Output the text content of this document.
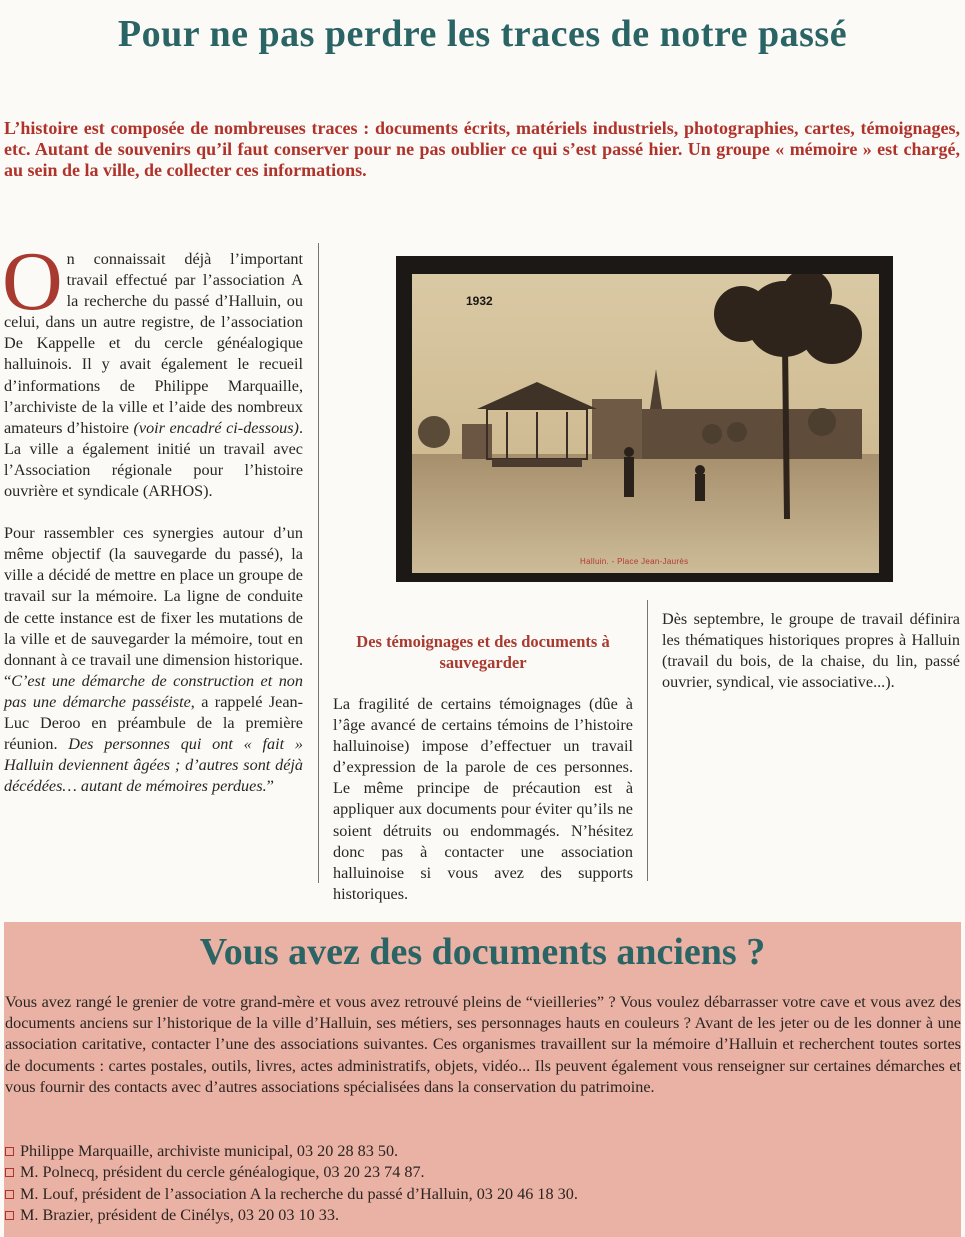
Pour ne pas perdre les traces de notre passé

L’histoire est composée de nombreuses traces : documents écrits, matériels industriels, photographies, cartes, témoignages, etc. Autant de souvenirs qu’il faut conserver pour ne pas oublier ce qui s’est passé hier. Un groupe « mémoire » est chargé, au sein de la ville, de collecter ces informations.

On connaissait déjà l’important travail effectué par l’association A la recherche du passé d’Halluin, ou celui, dans un autre registre, de l’association De Kappelle et du cercle généalogique halluinois. Il y avait également le recueil d’informations de Philippe Marquaille, l’archiviste de la ville et l’aide des nombreux amateurs d’histoire (voir encadré ci-dessous). La ville a également initié un travail avec l’Association régionale pour l’histoire ouvrière et syndicale (ARHOS).

Pour rassembler ces synergies autour d’un même objectif (la sauvegarde du passé), la ville a décidé de mettre en place un groupe de travail sur la mémoire. La ligne de conduite de cette instance est de fixer les mutations de la ville et de sauvegarder la mémoire, tout en donnant à ce travail une dimension historique. “C’est une démarche de construction et non pas une démarche passéiste, a rappelé Jean-Luc Deroo en préambule de la première réunion. Des personnes qui ont « fait » Halluin deviennent âgées ; d’autres sont déjà décédées… autant de mémoires perdues.”

Des témoignages et des documents à sauvegarder

La fragilité de certains témoignages (dûe à l’âge avancé de certains témoins de l’histoire halluinoise) impose d’effectuer un travail d’expression de la parole de ces personnes. Le même principe de précaution est à appliquer aux documents pour éviter qu’ils ne soient détruits ou endommagés. N’hésitez donc pas à contacter une association halluinoise si vous avez des supports historiques.

Dès septembre, le groupe de travail définira les thématiques historiques propres à Halluin (travail du bois, de la chaise, du lin, passé ouvrier, syndical, vie associative...).

1932
Halluin. - Place Jean-Jaurès
Vous avez des documents anciens ?

Vous avez rangé le grenier de votre grand-mère et vous avez retrouvé pleins de “vieilleries” ? Vous voulez débarrasser votre cave et vous avez des documents anciens sur l’historique de la ville d’Halluin, ses métiers, ses personnages hauts en couleurs ? Avant de les jeter ou de les donner à une association caritative, contacter l’une des associations suivantes. Ces organismes travaillent sur la mémoire d’Halluin et recherchent toutes sortes de documents : cartes postales, outils, livres, actes administratifs, objets, vidéo... Ils peuvent également vous renseigner sur certaines démarches et vous fournir des contacts avec d’autres associations spécialisées dans la conservation du patrimoine.

Philippe Marquaille, archiviste municipal, 03 20 28 83 50.
M. Polnecq, président du cercle généalogique, 03 20 23 74 87.
M. Louf, président de l’association A la recherche du passé d’Halluin, 03 20 46 18 30.
M. Brazier, président de Cinélys, 03 20 03 10 33.
